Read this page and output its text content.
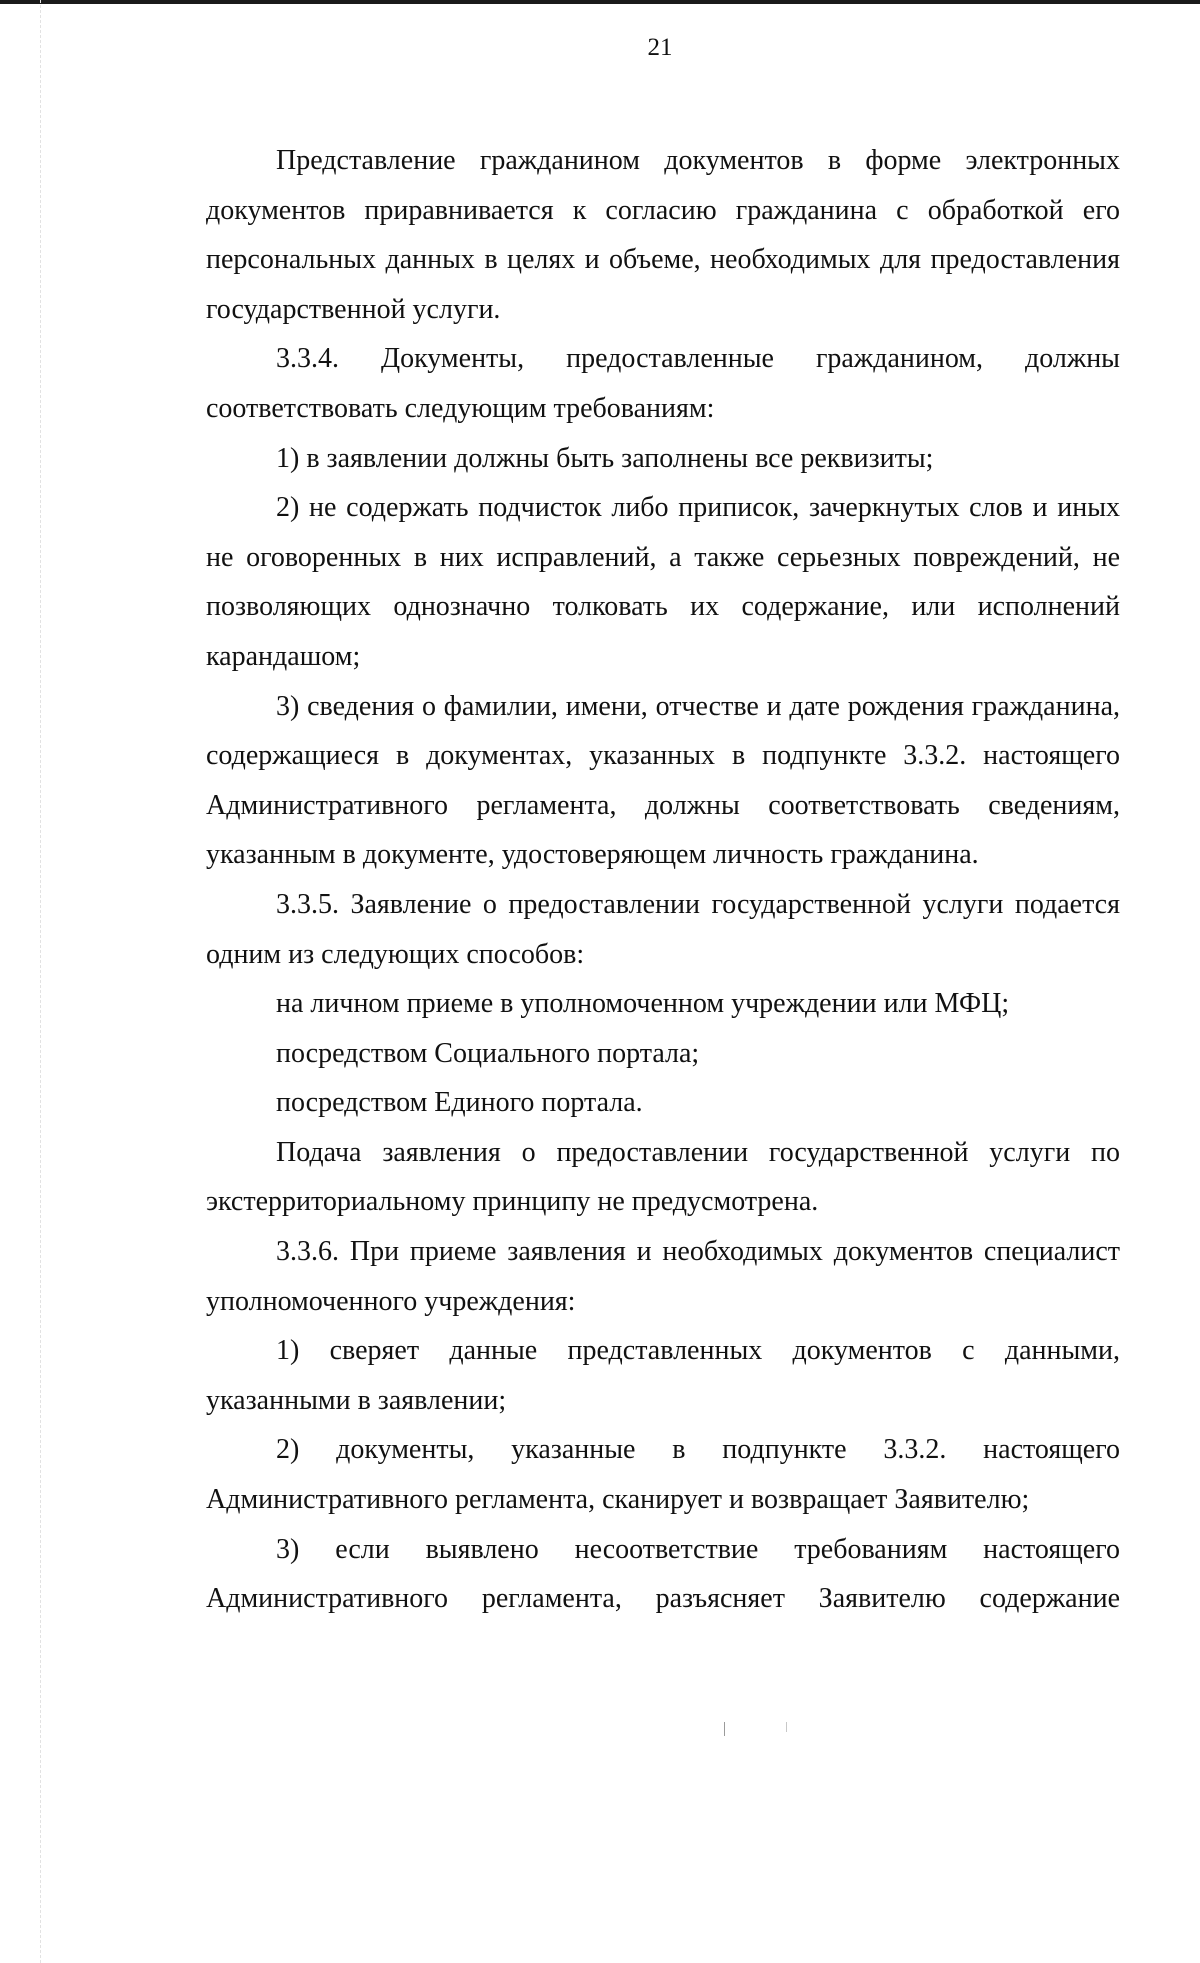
21

Представление гражданином документов в форме электронных документов приравнивается к согласию гражданина с обработкой его персональных данных в целях и объеме, необходимых для предоставления государственной услуги.

3.3.4. Документы, предоставленные гражданином, должны соответствовать следующим требованиям:

1) в заявлении должны быть заполнены все реквизиты;

2) не содержать подчисток либо приписок, зачеркнутых слов и иных не оговоренных в них исправлений, а также серьезных повреждений, не позволяющих однозначно толковать их содержание, или исполнений карандашом;

3) сведения о фамилии, имени, отчестве и дате рождения гражданина, содержащиеся в документах, указанных в подпункте 3.3.2. настоящего Административного регламента, должны соответствовать сведениям, указанным в документе, удостоверяющем личность гражданина.

3.3.5. Заявление о предоставлении государственной услуги подается одним из следующих способов:

на личном приеме в уполномоченном учреждении или МФЦ;

посредством Социального портала;

посредством Единого портала.

Подача заявления о предоставлении государственной услуги по экстерриториальному принципу не предусмотрена.

3.3.6. При приеме заявления и необходимых документов специалист уполномоченного учреждения:

1) сверяет данные представленных документов с данными, указанными в заявлении;

2) документы, указанные в подпункте 3.3.2. настоящего Административного регламента, сканирует и возвращает Заявителю;

3) если выявлено несоответствие требованиям настоящего Административного регламента, разъясняет Заявителю содержание
